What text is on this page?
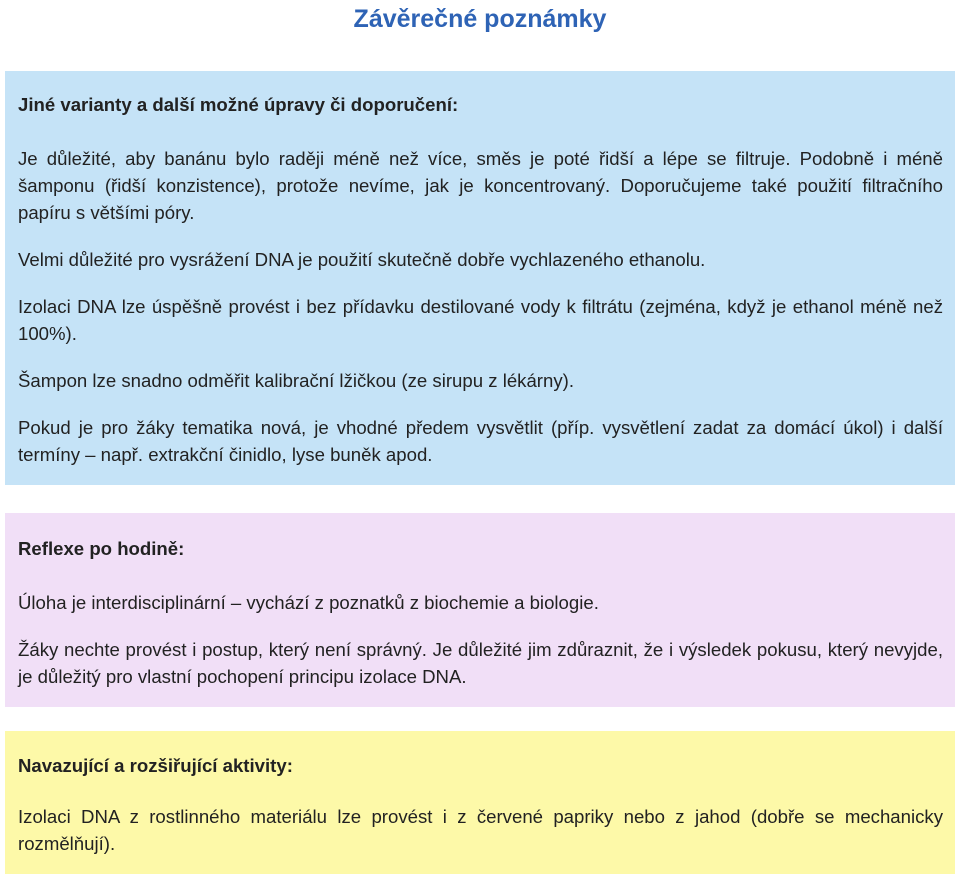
Závěrečné poznámky

Jiné varianty a další možné úpravy či doporučení:

Je důležité, aby banánu bylo raději méně než více, směs je poté řidší a lépe se filtruje. Podobně i méně šamponu (řidší konzistence), protože nevíme, jak je koncentrovaný. Doporučujeme také použití filtračního papíru s většími póry.

Velmi důležité pro vysrážení DNA je použití skutečně dobře vychlazeného ethanolu.

Izolaci DNA lze úspěšně provést i bez přídavku destilované vody k filtrátu (zejména, když je ethanol méně než 100%).

Šampon lze snadno odměřit kalibrační lžičkou (ze sirupu z lékárny).

Pokud je pro žáky tematika nová, je vhodné předem vysvětlit (příp. vysvětlení zadat za domácí úkol) i další termíny – např. extrakční činidlo, lyse buněk apod.

Reflexe po hodině:

Úloha je interdisciplinární – vychází z poznatků z biochemie a biologie.

Žáky nechte provést i postup, který není správný. Je důležité jim zdůraznit, že i výsledek pokusu, který nevyjde, je důležitý pro vlastní pochopení principu izolace DNA.

Navazující a rozšiřující aktivity:

Izolaci DNA z rostlinného materiálu lze provést i z červené papriky nebo z jahod (dobře se mechanicky rozmělňují).
